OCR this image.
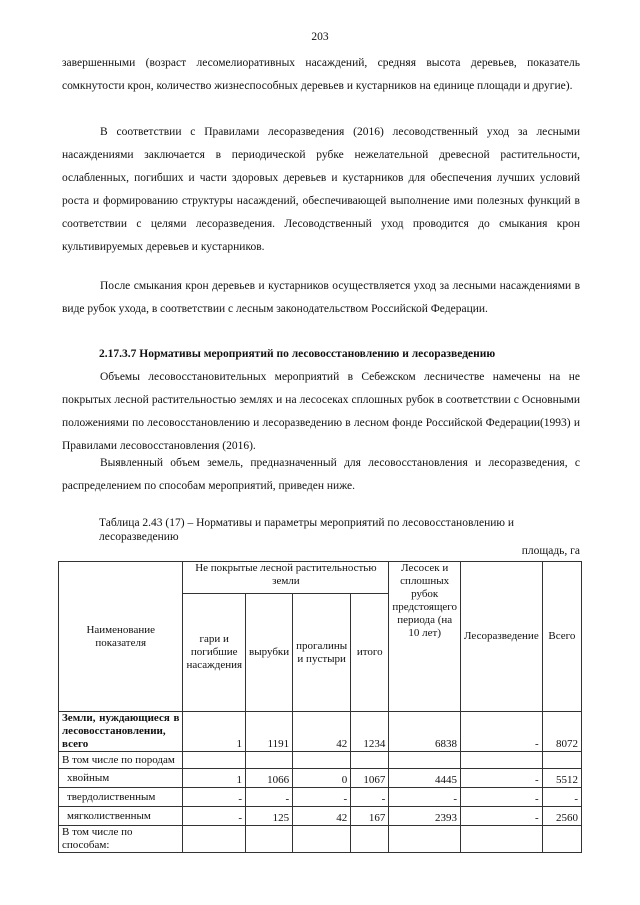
203

завершенными (возраст лесомелиоративных насаждений, средняя высота деревьев, показатель сомкнутости крон, количество жизнеспособных деревьев и кустарников на единице площади и другие).

В соответствии с Правилами лесоразведения (2016) лесоводственный уход за лесными насаждениями заключается в периодической рубке нежелательной древесной растительности, ослабленных, погибших и части здоровых деревьев и кустарников для обеспечения лучших условий роста и формированию структуры насаждений, обеспечивающей выполнение ими полезных функций в соответствии с целями лесоразведения. Лесоводственный уход проводится до смыкания крон культивируемых деревьев и кустарников.

После смыкания крон деревьев и кустарников осуществляется уход за лесными насаждениями в виде рубок ухода, в соответствии с лесным законодательством Российской Федерации.

2.17.3.7 Нормативы мероприятий по лесовосстановлению и лесоразведению

Объемы лесовосстановительных мероприятий в Себежском лесничестве намечены на не покрытых лесной растительностью землях и на лесосеках сплошных рубок в соответствии с Основными положениями по лесовосстановлению и лесоразведению в лесном фонде Российской Федерации(1993) и Правилами лесовосстановления (2016).

Выявленный объем земель, предназначенный для лесовосстановления и лесоразведения, с распределением по способам мероприятий, приведен ниже.

Таблица 2.43 (17) – Нормативы и параметры мероприятий по лесовосстановлению и лесоразведению

площадь, га
Наименование показателя	Не покрытые лесной растительностью земли				Лесосек и сплошных рубок предстоящего периода (на 10 лет)	Лесоразведение	Всего
	гари и погибшие насаждения	вырубки	прогалины и пустыри	итого			
Земли, нуждающиеся в лесовосстановлении, всего	1	1191	42	1234	6838	-	8072
В том числе по породам							
хвойным	1	1066	0	1067	4445	-	5512
твердолиственным	-	-	-	-	-	-	-
мягколиственным	-	125	42	167	2393	-	2560
В том числе по способам:							
